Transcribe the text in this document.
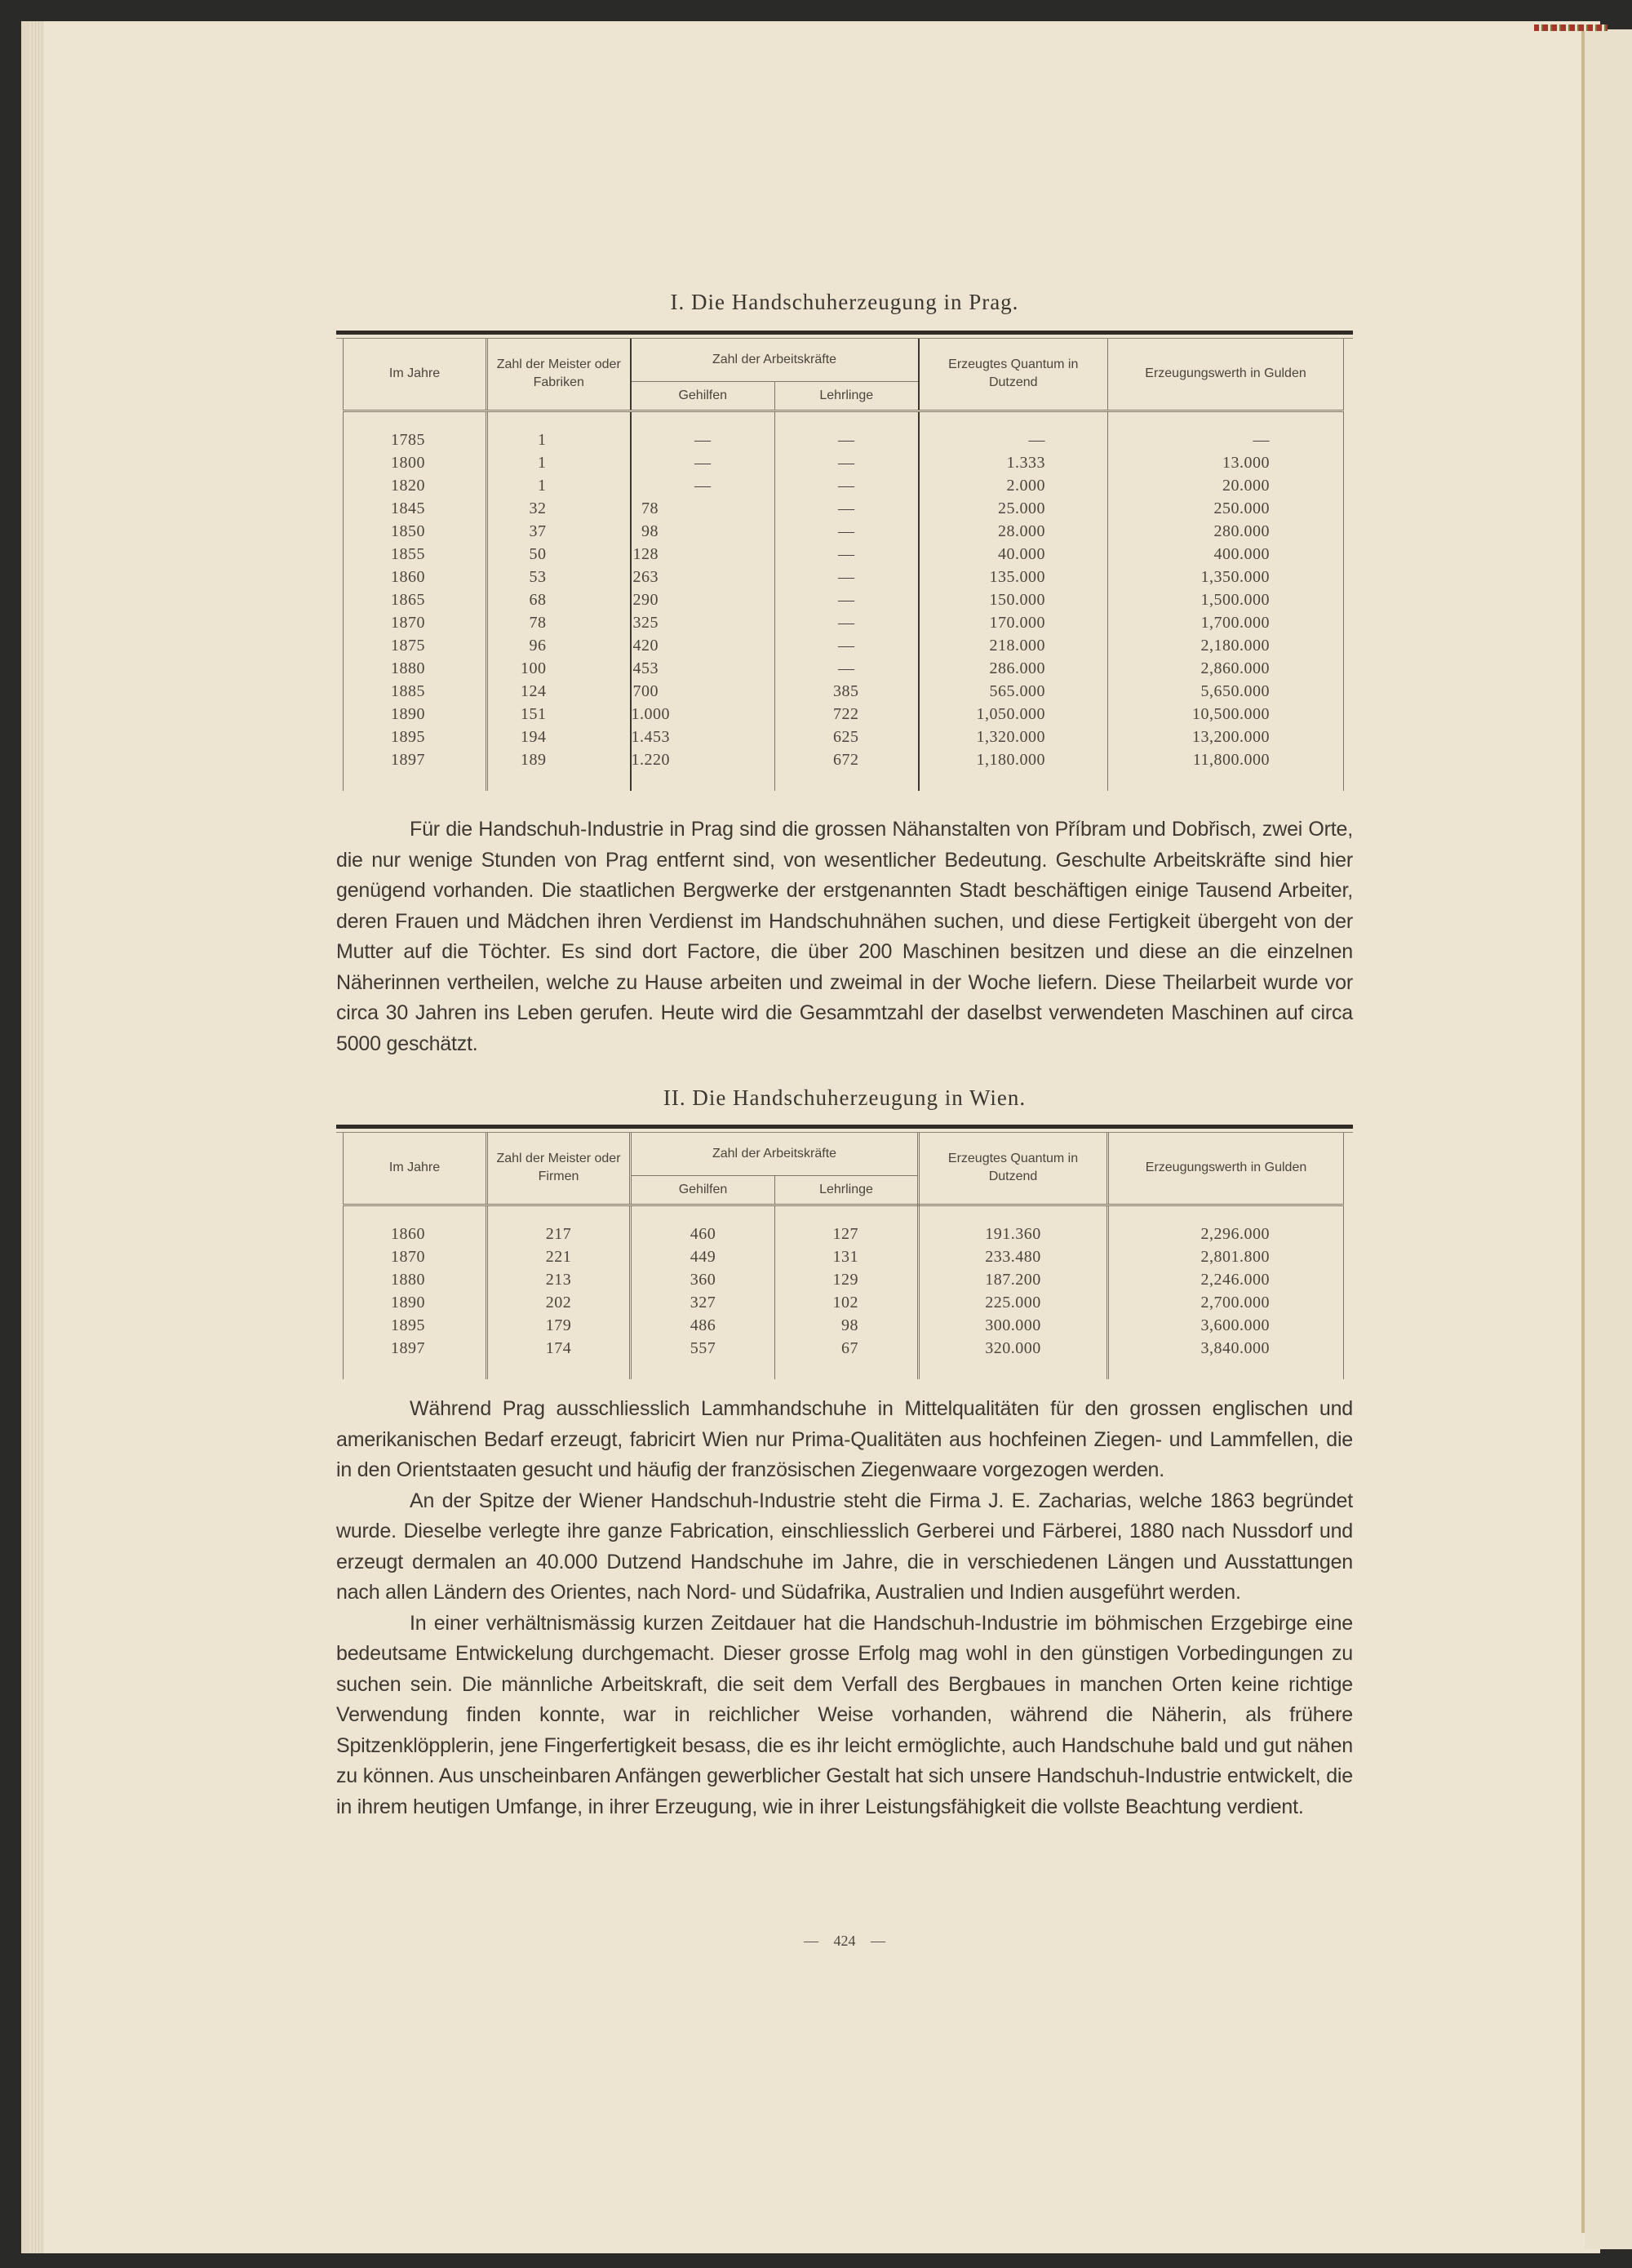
I. Die Handschuherzeugung in Prag.
Im Jahre	Zahl der Meister oder Fabriken	Zahl der Arbeitskräfte		Erzeugtes Quantum in Dutzend	Erzeugungswerth in Gulden
		Gehilfen	Lehrlinge		

1785	1	—	—	—	—
1800	1	—	—	1.333	13.000
1820	1	—	—	2.000	20.000
1845	32	78	—	25.000	250.000
1850	37	98	—	28.000	280.000
1855	50	128	—	40.000	400.000
1860	53	263	—	135.000	1,350.000
1865	68	290	—	150.000	1,500.000
1870	78	325	—	170.000	1,700.000
1875	96	420	—	218.000	2,180.000
1880	100	453	—	286.000	2,860.000
1885	124	700	385	565.000	5,650.000
1890	151	1.000	722	1,050.000	10,500.000
1895	194	1.453	625	1,320.000	13,200.000
1897	189	1.220	672	1,180.000	11,800.000

Für die Handschuh-Industrie in Prag sind die grossen Nähanstalten von Příbram und Dobřisch, zwei Orte, die nur wenige Stunden von Prag entfernt sind, von wesentlicher Bedeutung. Geschulte Arbeitskräfte sind hier genügend vorhanden. Die staatlichen Bergwerke der erstgenannten Stadt beschäftigen einige Tausend Arbeiter, deren Frauen und Mädchen ihren Verdienst im Handschuhnähen suchen, und diese Fertigkeit übergeht von der Mutter auf die Töchter. Es sind dort Factore, die über 200 Maschinen besitzen und diese an die einzelnen Näherinnen vertheilen, welche zu Hause arbeiten und zweimal in der Woche liefern. Diese Theilarbeit wurde vor circa 30 Jahren ins Leben gerufen. Heute wird die Gesammtzahl der daselbst verwendeten Maschinen auf circa 5000 geschätzt.

II. Die Handschuherzeugung in Wien.
Im Jahre	Zahl der Meister oder Firmen	Zahl der Arbeitskräfte		Erzeugtes Quantum in Dutzend	Erzeugungswerth in Gulden
		Gehilfen	Lehrlinge		

1860	217	460	127	191.360	2,296.000
1870	221	449	131	233.480	2,801.800
1880	213	360	129	187.200	2,246.000
1890	202	327	102	225.000	2,700.000
1895	179	486	98	300.000	3,600.000
1897	174	557	67	320.000	3,840.000

Während Prag ausschliesslich Lammhandschuhe in Mittelqualitäten für den grossen englischen und amerikanischen Bedarf erzeugt, fabricirt Wien nur Prima-Qualitäten aus hochfeinen Ziegen- und Lammfellen, die in den Orientstaaten gesucht und häufig der französischen Ziegenwaare vorgezogen werden.

An der Spitze der Wiener Handschuh-Industrie steht die Firma J. E. Zacharias, welche 1863 begründet wurde. Dieselbe verlegte ihre ganze Fabrication, einschliesslich Gerberei und Färberei, 1880 nach Nussdorf und erzeugt dermalen an 40.000 Dutzend Handschuhe im Jahre, die in verschiedenen Längen und Ausstattungen nach allen Ländern des Orientes, nach Nord- und Südafrika, Australien und Indien ausgeführt werden.

In einer verhältnismässig kurzen Zeitdauer hat die Handschuh-Industrie im böhmischen Erzgebirge eine bedeutsame Entwickelung durchgemacht. Dieser grosse Erfolg mag wohl in den günstigen Vorbedingungen zu suchen sein. Die männliche Arbeitskraft, die seit dem Verfall des Bergbaues in manchen Orten keine richtige Verwendung finden konnte, war in reichlicher Weise vorhanden, während die Näherin, als frühere Spitzenklöpplerin, jene Fingerfertigkeit besass, die es ihr leicht ermöglichte, auch Handschuhe bald und gut nähen zu können. Aus unscheinbaren Anfängen gewerblicher Gestalt hat sich unsere Handschuh-Industrie entwickelt, die in ihrem heutigen Umfange, in ihrer Erzeugung, wie in ihrer Leistungsfähigkeit die vollste Beachtung verdient.

— 424 —
